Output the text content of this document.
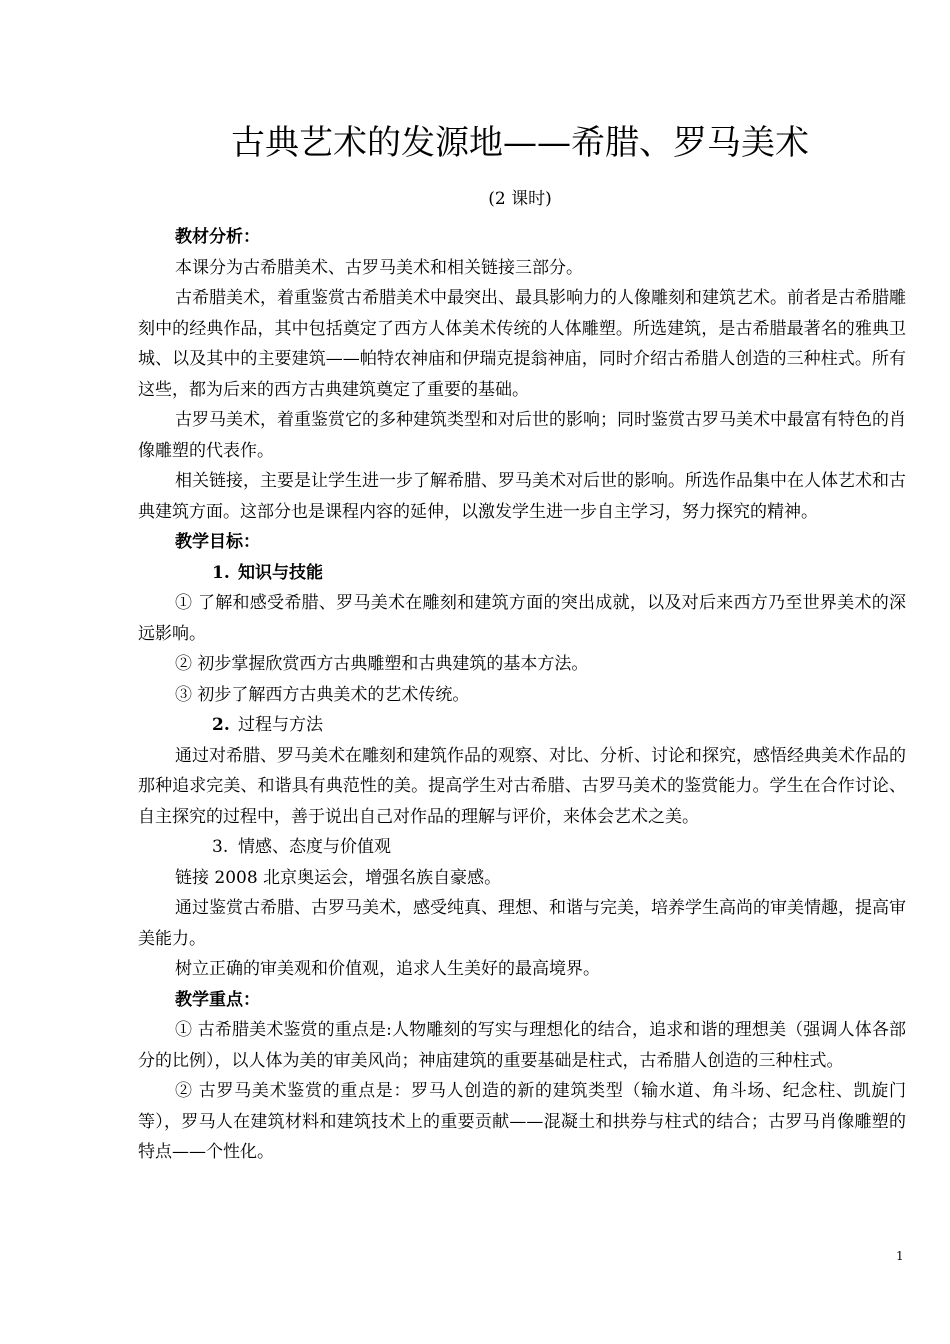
古典艺术的发源地——希腊、罗马美术
(2 课时)

教材分析：

本课分为古希腊美术、古罗马美术和相关链接三部分。

古希腊美术，着重鉴赏古希腊美术中最突出、最具影响力的人像雕刻和建筑艺术。前者是古希腊雕刻中的经典作品，其中包括奠定了西方人体美术传统的人体雕塑。所选建筑，是古希腊最著名的雅典卫城、以及其中的主要建筑——帕特农神庙和伊瑞克提翁神庙，同时介绍古希腊人创造的三种柱式。所有这些，都为后来的西方古典建筑奠定了重要的基础。

古罗马美术，着重鉴赏它的多种建筑类型和对后世的影响；同时鉴赏古罗马美术中最富有特色的肖像雕塑的代表作。

相关链接，主要是让学生进一步了解希腊、罗马美术对后世的影响。所选作品集中在人体艺术和古典建筑方面。这部分也是课程内容的延伸，以激发学生进一步自主学习，努力探究的精神。

教学目标：

1. 知识与技能

① 了解和感受希腊、罗马美术在雕刻和建筑方面的突出成就，以及对后来西方乃至世界美术的深远影响。

② 初步掌握欣赏西方古典雕塑和古典建筑的基本方法。

③ 初步了解西方古典美术的艺术传统。

2. 过程与方法

通过对希腊、罗马美术在雕刻和建筑作品的观察、对比、分析、讨论和探究，感悟经典美术作品的那种追求完美、和谐具有典范性的美。提高学生对古希腊、古罗马美术的鉴赏能力。学生在合作讨论、自主探究的过程中，善于说出自己对作品的理解与评价，来体会艺术之美。

3. 情感、态度与价值观

链接 2008 北京奥运会，增强名族自豪感。

通过鉴赏古希腊、古罗马美术，感受纯真、理想、和谐与完美，培养学生高尚的审美情趣，提高审美能力。

树立正确的审美观和价值观，追求人生美好的最高境界。

教学重点：

① 古希腊美术鉴赏的重点是:人物雕刻的写实与理想化的结合，追求和谐的理想美（强调人体各部分的比例），以人体为美的审美风尚；神庙建筑的重要基础是柱式，古希腊人创造的三种柱式。

② 古罗马美术鉴赏的重点是：罗马人创造的新的建筑类型（输水道、角斗场、纪念柱、凯旋门等），罗马人在建筑材料和建筑技术上的重要贡献——混凝土和拱券与柱式的结合；古罗马肖像雕塑的特点——个性化。

1
